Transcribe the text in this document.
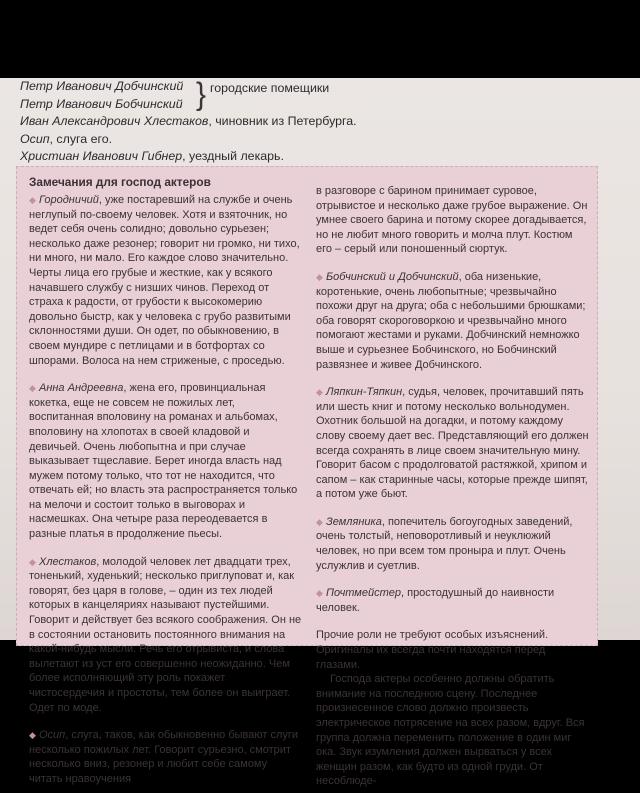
Петр Иванович Добчинский
Петр Иванович Бобчинский
Иван Александрович Хлестаков, чиновник из Петербурга.
Осип, слуга его.
Христиан Иванович Гибнер, уездный лекарь.
} городские помещики
Замечания для господ актеров

◆ Городничий, уже постаревший на службе и очень неглупый по-своему человек. Хотя и взяточник, но ведет себя очень солидно; довольно сурьезен; несколько даже резонер; говорит ни громко, ни тихо, ни много, ни мало. Его каждое слово значительно. Черты лица его грубые и жесткие, как у всякого начавшего службу с низших чинов. Переход от страха к радости, от грубости к высокомерию довольно быстр, как у человека с грубо развитыми склонностями души. Он одет, по обыкновению, в своем мундире с петлицами и в ботфортах со шпорами. Волоса на нем стриженые, с проседью.

◆ Анна Андреевна, жена его, провинциальная кокетка, еще не совсем не пожилых лет, воспитанная вполовину на романах и альбомах, вполовину на хлопотах в своей кладовой и девичьей. Очень любопытна и при случае выказывает тщеславие. Берет иногда власть над мужем потому только, что тот не находится, что отвечать ей; но власть эта распространяется только на мелочи и состоит только в выговорах и насмешках. Она четыре раза переодевается в разные платья в продолжение пьесы.

◆ Хлестаков, молодой человек лет двадцати трех, тоненький, худенький; несколько приглуповат и, как говорят, без царя в голове, – один из тех людей которых в канцеляриях называют пустейшими. Говорит и действует без всякого соображения. Он не в состоянии остановить постоянного внимания на какой-нибудь мысли. Речь его отрывиста, и слова вылетают из уст его совершенно неожиданно. Чем более исполняющий эту роль покажет чистосердечия и простоты, тем более он выиграет. Одет по моде.

◆ Осип, слуга, таков, как обыкновенно бывают слуги несколько пожилых лет. Говорит сурьезно, смотрит несколько вниз, резонер и любит себе самому читать нравоучения

в разговоре с барином принимает суровое, отрывистое и несколько даже грубое выражение. Он умнее своего барина и потому скорее догадывается, но не любит много говорить и молча плут. Костюм его – серый или поношенный сюртук.

◆ Бобчинский и Добчинский, оба низенькие, коротенькие, очень любопытные; чрезвычайно похожи друг на друга; оба с небольшими брюшками; оба говорят скороговоркою и чрезвычайно много помогают жестами и руками. Добчинский немножко выше и сурьезнее Бобчинского, но Бобчинский развязнее и живее Добчинского.

◆ Ляпкин-Тяпкин, судья, человек, прочитавший пять или шесть книг и потому несколько вольнодумен. Охотник большой на догадки, и потому каждому слову своему дает вес. Представляющий его должен всегда сохранять в лице своем значительную мину. Говорит басом с продолговатой растяжкой, хрипом и сапом – как старинные часы, которые прежде шипят, а потом уже бьют.

◆ Земляника, попечитель богоугодных заведений, очень толстый, неповоротливый и неуклюжий человек, но при всем том проныра и плут. Очень услужлив и суетлив.

◆ Почтмейстер, простодушный до наивности человек.

Прочие роли не требуют особых изъяснений. Оригиналы их всегда почти находятся перед глазами.

Господа актеры особенно должны обратить внимание на последнюю сцену. Последнее произнесенное слово должно произвесть электрическое потрясение на всех разом, вдруг. Вся группа должна переменить положение в один миг ока. Звук изумления должен вырваться у всех женщин разом, как будто из одной груди. От несоблюде-
